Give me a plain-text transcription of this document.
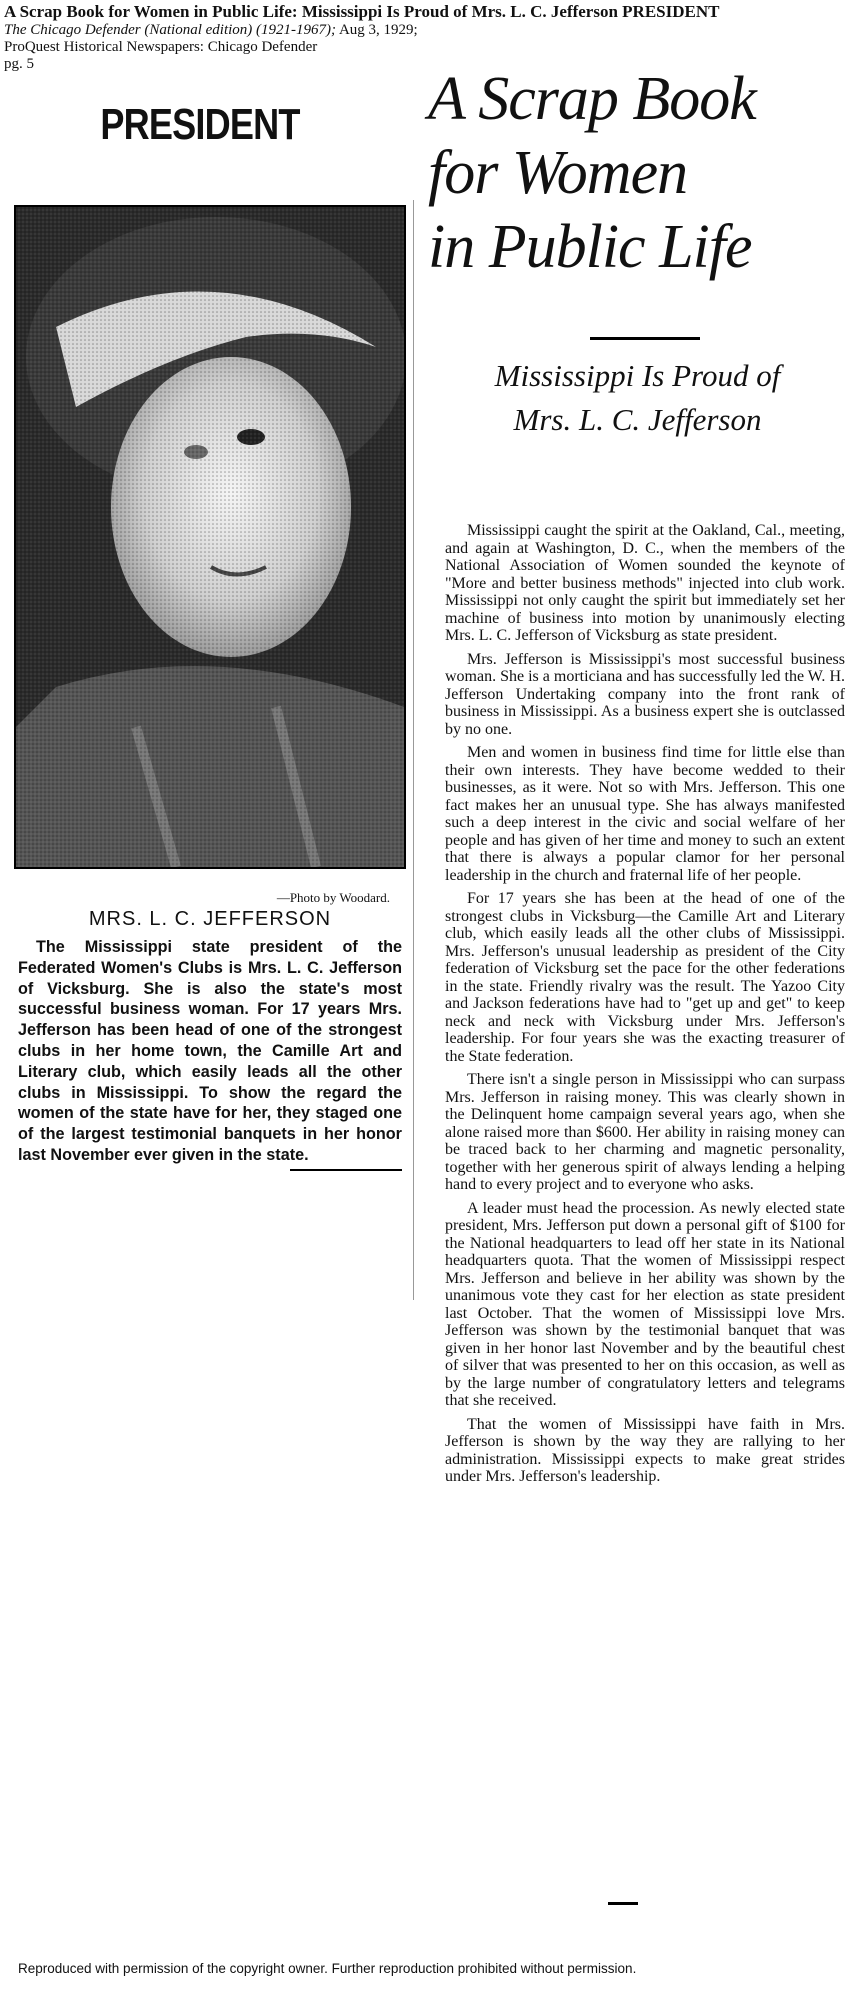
A Scrap Book for Women in Public Life: Mississippi Is Proud of Mrs. L. C. Jefferson PRESIDENT
The Chicago Defender (National edition) (1921-1967); Aug 3, 1929;
ProQuest Historical Newspapers: Chicago Defender
pg. 5
PRESIDENT
—Photo by Woodard.
MRS. L. C. JEFFERSON
The Mississippi state president of the Federated Women's Clubs is Mrs. L. C. Jefferson of Vicksburg. She is also the state's most successful business woman. For 17 years Mrs. Jefferson has been head of one of the strongest clubs in her home town, the Camille Art and Literary club, which easily leads all the other clubs in Mississippi. To show the regard the women of the state have for her, they staged one of the largest testimonial banquets in her honor last November ever given in the state.
A Scrap Book
for Women
in Public Life
Mississippi Is Proud of
Mrs. L. C. Jefferson

Mississippi caught the spirit at the Oakland, Cal., meeting, and again at Washington, D. C., when the members of the National Association of Women sounded the keynote of "More and better business methods" injected into club work. Mississippi not only caught the spirit but immediately set her machine of business into motion by unanimously electing Mrs. L. C. Jefferson of Vicksburg as state president.

Mrs. Jefferson is Mississippi's most successful business woman. She is a morticiana and has successfully led the W. H. Jefferson Undertaking company into the front rank of business in Mississippi. As a business expert she is outclassed by no one.

Men and women in business find time for little else than their own interests. They have become wedded to their businesses, as it were. Not so with Mrs. Jefferson. This one fact makes her an unusual type. She has always manifested such a deep interest in the civic and social welfare of her people and has given of her time and money to such an extent that there is always a popular clamor for her personal leadership in the church and fraternal life of her people.

For 17 years she has been at the head of one of the strongest clubs in Vicksburg—the Camille Art and Literary club, which easily leads all the other clubs of Mississippi. Mrs. Jefferson's unusual leadership as president of the City federation of Vicksburg set the pace for the other federations in the state. Friendly rivalry was the result. The Yazoo City and Jackson federations have had to "get up and get" to keep neck and neck with Vicksburg under Mrs. Jefferson's leadership. For four years she was the exacting treasurer of the State federation.

There isn't a single person in Mississippi who can surpass Mrs. Jefferson in raising money. This was clearly shown in the Delinquent home campaign several years ago, when she alone raised more than $600. Her ability in raising money can be traced back to her charming and magnetic personality, together with her generous spirit of always lending a helping hand to every project and to everyone who asks.

A leader must head the procession. As newly elected state president, Mrs. Jefferson put down a personal gift of $100 for the National headquarters to lead off her state in its National headquarters quota. That the women of Mississippi respect Mrs. Jefferson and believe in her ability was shown by the unanimous vote they cast for her election as state president last October. That the women of Mississippi love Mrs. Jefferson was shown by the testimonial banquet that was given in her honor last November and by the beautiful chest of silver that was presented to her on this occasion, as well as by the large number of congratulatory letters and telegrams that she received.

That the women of Mississippi have faith in Mrs. Jefferson is shown by the way they are rallying to her administration. Mississippi expects to make great strides under Mrs. Jefferson's leadership.

Reproduced with permission of the copyright owner. Further reproduction prohibited without permission.
